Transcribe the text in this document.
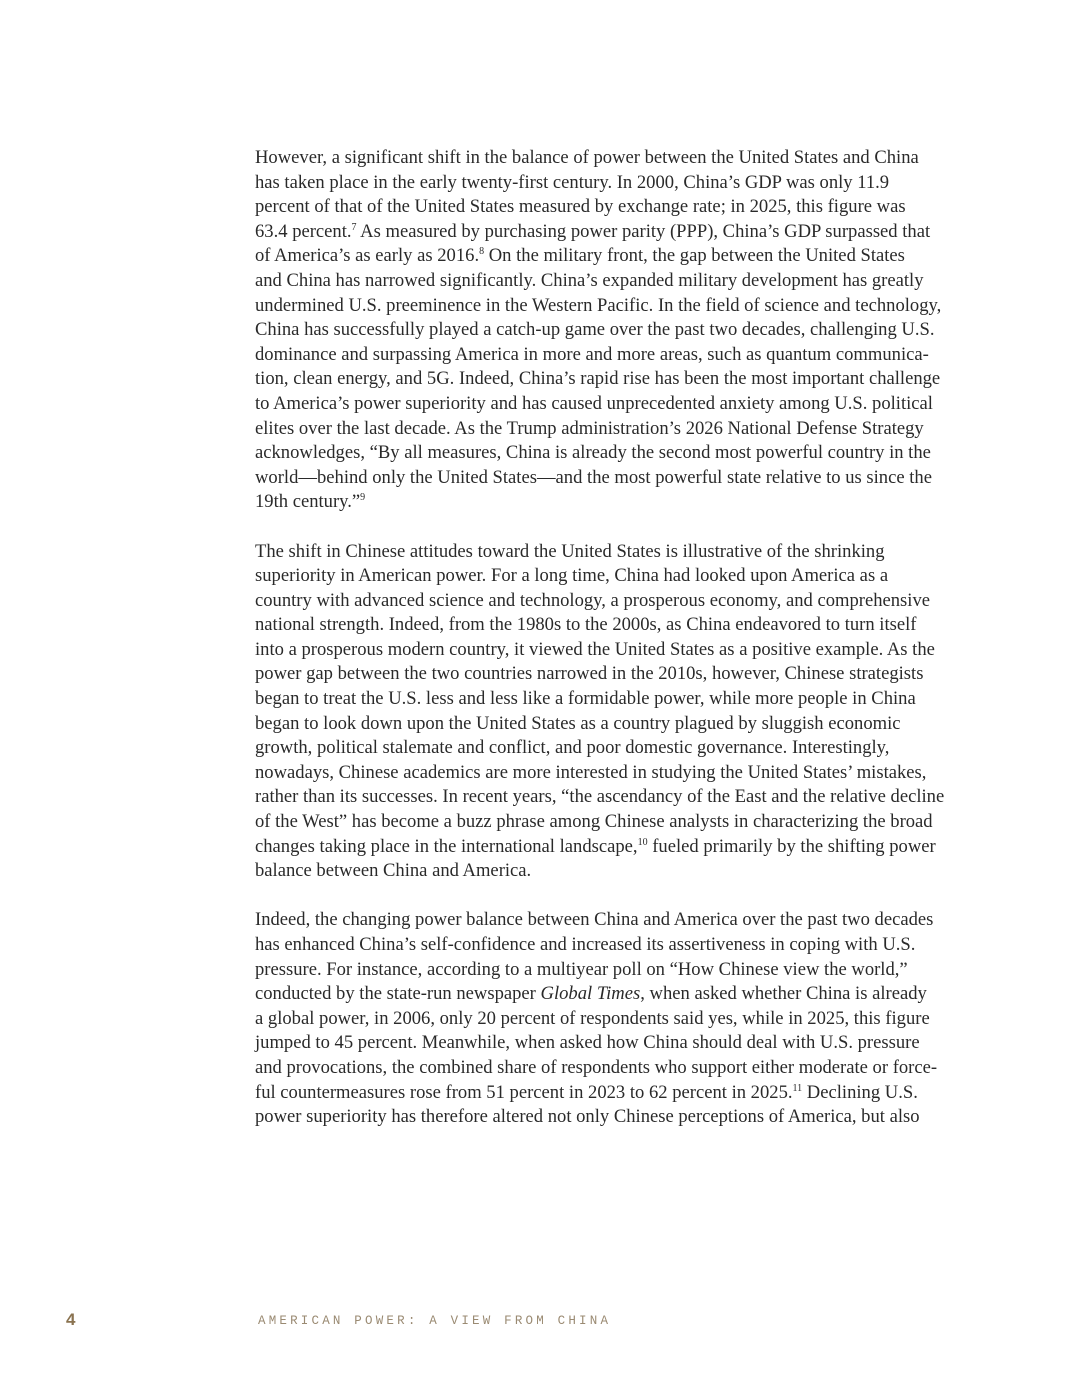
However, a significant shift in the balance of power between the United States and China
has taken place in the early twenty-first century. In 2000, China’s GDP was only 11.9
percent of that of the United States measured by exchange rate; in 2025, this figure was
63.4 percent.$^7$ As measured by purchasing power parity (PPP), China’s GDP surpassed that
of America’s as early as 2016.$^8$ On the military front, the gap between the United States
and China has narrowed significantly. China’s expanded military development has greatly
undermined U.S. preeminence in the Western Pacific. In the field of science and technology,
China has successfully played a catch-up game over the past two decades, challenging U.S.
dominance and surpassing America in more and more areas, such as quantum communica-
tion, clean energy, and 5G. Indeed, China’s rapid rise has been the most important challenge
to America’s power superiority and has caused unprecedented anxiety among U.S. political
elites over the last decade. As the Trump administration’s 2026 National Defense Strategy
acknowledges, “By all measures, China is already the second most powerful country in the
world—behind only the United States—and the most powerful state relative to us since the
19th century.”$^9$
The shift in Chinese attitudes toward the United States is illustrative of the shrinking
superiority in American power. For a long time, China had looked upon America as a
country with advanced science and technology, a prosperous economy, and comprehensive
national strength. Indeed, from the 1980s to the 2000s, as China endeavored to turn itself
into a prosperous modern country, it viewed the United States as a positive example. As the
power gap between the two countries narrowed in the 2010s, however, Chinese strategists
began to treat the U.S. less and less like a formidable power, while more people in China
began to look down upon the United States as a country plagued by sluggish economic
growth, political stalemate and conflict, and poor domestic governance. Interestingly,
nowadays, Chinese academics are more interested in studying the United States’ mistakes,
rather than its successes. In recent years, “the ascendancy of the East and the relative decline
of the West” has become a buzz phrase among Chinese analysts in characterizing the broad
changes taking place in the international landscape,$^{10}$ fueled primarily by the shifting power
balance between China and America.
Indeed, the changing power balance between China and America over the past two decades
has enhanced China’s self-confidence and increased its assertiveness in coping with U.S.
pressure. For instance, according to a multiyear poll on “How Chinese view the world,”
conducted by the state-run newspaper Global Times, when asked whether China is already
a global power, in 2006, only 20 percent of respondents said yes, while in 2025, this figure
jumped to 45 percent. Meanwhile, when asked how China should deal with U.S. pressure
and provocations, the combined share of respondents who support either moderate or force-
ful countermeasures rose from 51 percent in 2023 to 62 percent in 2025.11 Declining U.S.
power superiority has therefore altered not only Chinese perceptions of America, but also
4	AMERICAN POWER: A VIEW FROM CHINA
